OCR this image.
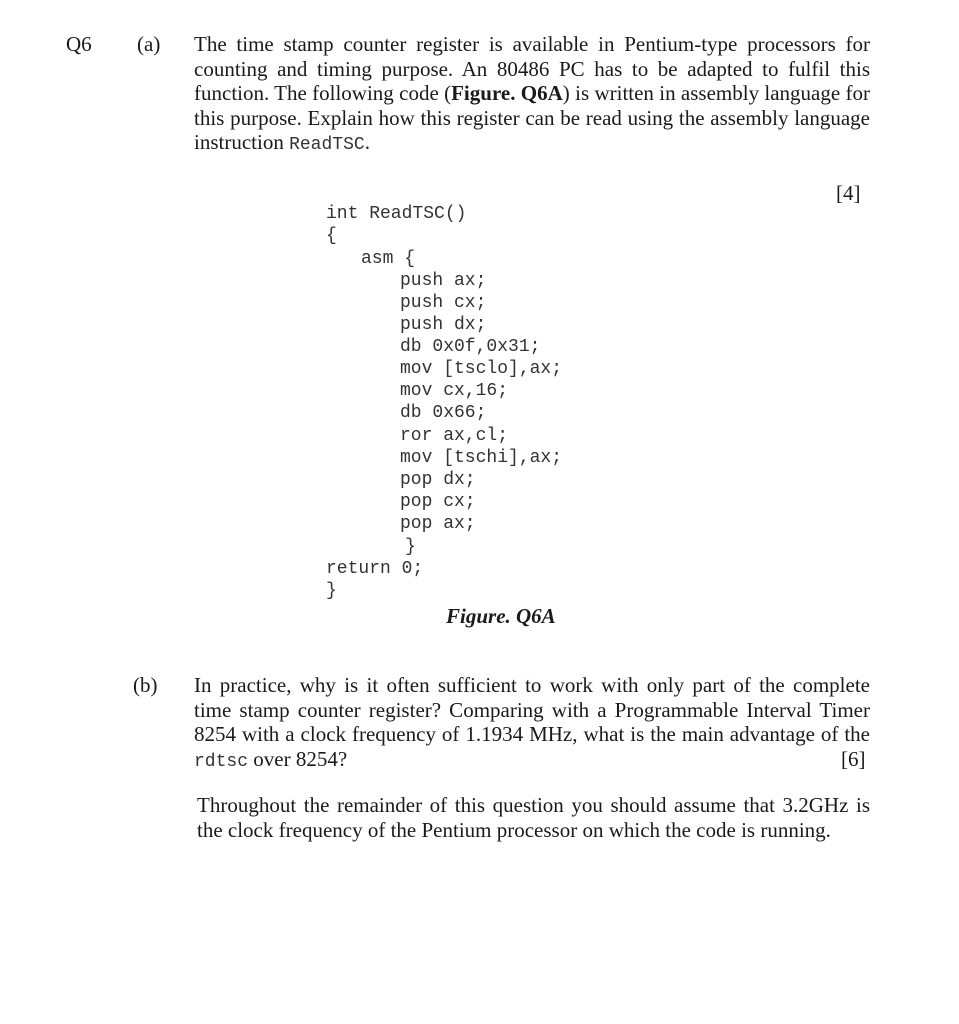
Q6 (a) The time stamp counter register is available in Pentium-type processors for counting and timing purpose. An 80486 PC has to be adapted to fulfil this function. The following code (Figure. Q6A) is written in assembly language for this purpose. Explain how this register can be read using the assembly language instruction ReadTSC.
[4]
int ReadTSC()
{
asm {
push ax;
push cx;
push dx;
db 0x0f,0x31;
mov [tsclo],ax;
mov cx,16;
db 0x66;
ror ax,cl;
mov [tschi],ax;
pop dx;
pop cx;
pop ax;
}
return 0;
}
Figure. Q6A
(b) In practice, why is it often sufficient to work with only part of the complete time stamp counter register? Comparing with a Programmable Interval Timer 8254 with a clock frequency of 1.1934 MHz, what is the main advantage of the rdtsc over 8254?	[6]
Throughout the remainder of this question you should assume that 3.2GHz is the clock frequency of the Pentium processor on which the code is running.
